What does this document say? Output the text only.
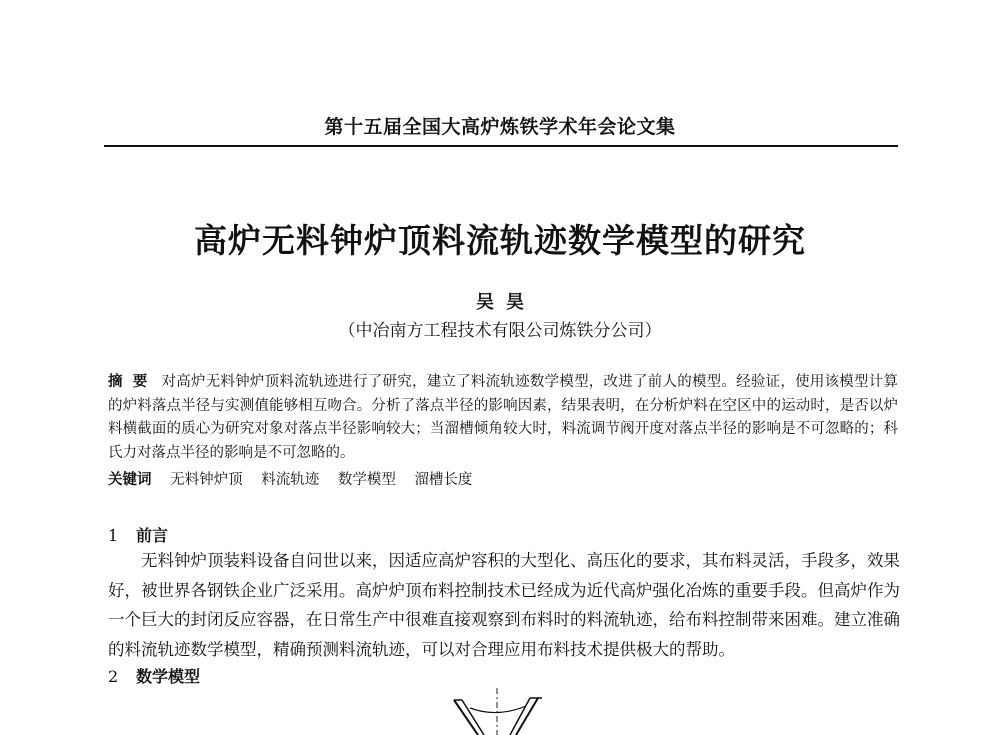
第十五届全国大高炉炼铁学术年会论文集
高炉无料钟炉顶料流轨迹数学模型的研究
吴昊
（中冶南方工程技术有限公司炼铁分公司）
摘要 对高炉无料钟炉顶料流轨迹进行了研究，建立了料流轨迹数学模型，改进了前人的模型。经验证，使用该模型计算的炉料落点半径与实测值能够相互吻合。分析了落点半径的影响因素，结果表明，在分析炉料在空区中的运动时，是否以炉料横截面的质心为研究对象对落点半径影响较大；当溜槽倾角较大时，料流调节阀开度对落点半径的影响是不可忽略的；科氏力对落点半径的影响是不可忽略的。
关键词 无料钟炉顶 料流轨迹 数学模型 溜槽长度
1 前言
无料钟炉顶装料设备自问世以来，因适应高炉容积的大型化、高压化的要求，其布料灵活，手段多，效果好，被世界各钢铁企业广泛采用。高炉炉顶布料控制技术已经成为近代高炉强化冶炼的重要手段。但高炉作为一个巨大的封闭反应容器，在日常生产中很难直接观察到布料时的料流轨迹，给布料控制带来困难。建立准确的料流轨迹数学模型，精确预测料流轨迹，可以对合理应用布料技术提供极大的帮助。
2 数学模型
